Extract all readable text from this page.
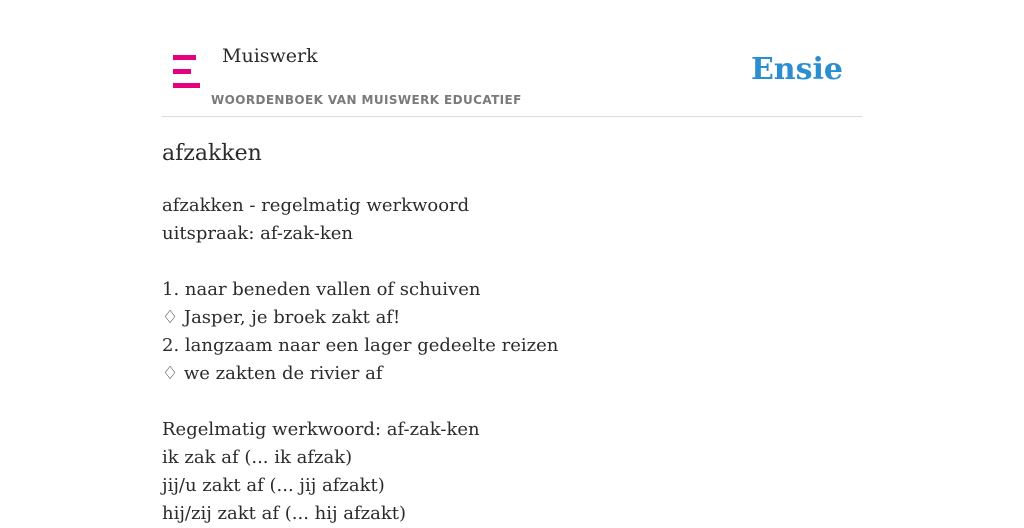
Muiswerk
WOORDENBOEK VAN MUISWERK EDUCATIEF
Ensie
afzakken
afzakken - regelmatig werkwoord
uitspraak: af-zak-ken
1. naar beneden vallen of schuiven
♢ Jasper, je broek zakt af!
2. langzaam naar een lager gedeelte reizen
♢ we zakten de rivier af
Regelmatig werkwoord: af-zak-ken
ik zak af (... ik afzak)
jij/u zakt af (... jij afzakt)
hij/zij zakt af (... hij afzakt)
